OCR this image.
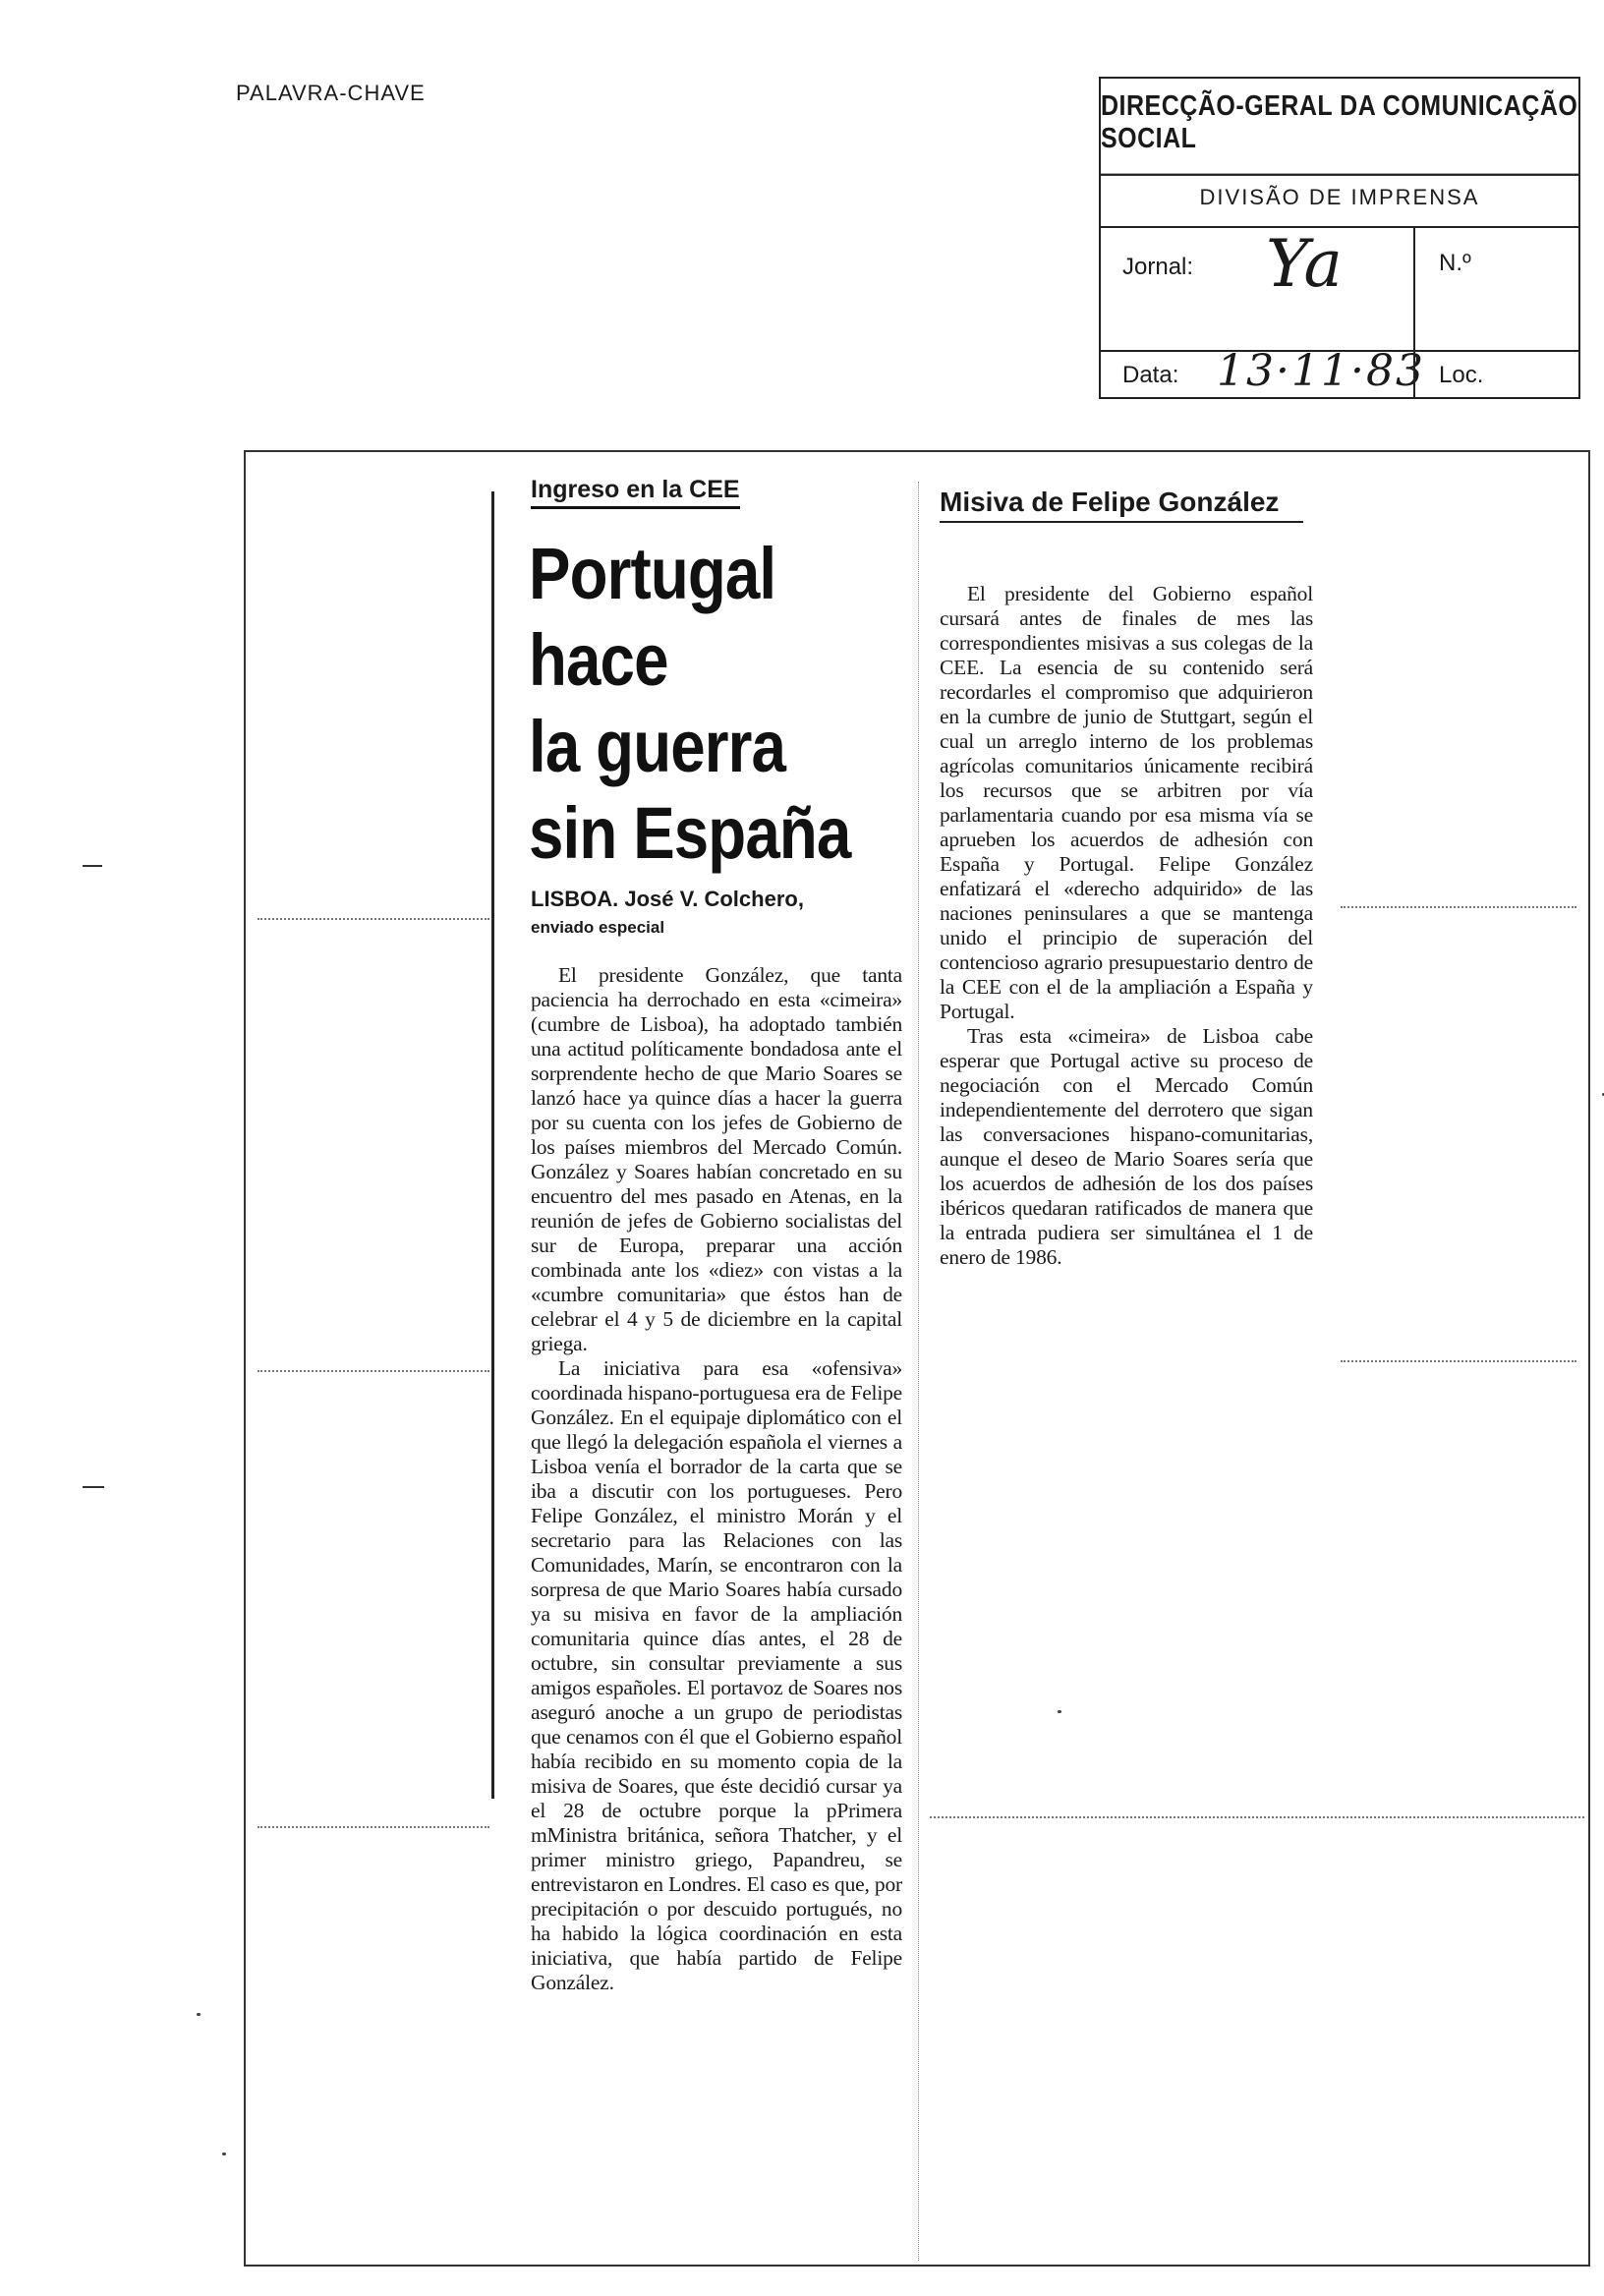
PALAVRA-CHAVE	DIRECÇÃO-GERAL DA COMUNICAÇÃO SOCIAL
DIVISÃO DE IMPRENSA
Jornal: Ya	N.º
Data: 13·11·83 Loc.
Ingreso en la CEE
Portugal
hace
la guerra
sin España
LISBOA. José V. Colchero,
enviado especial

El presidente González, que tanta paciencia ha derrochado en esta «cimeira» (cumbre de Lisboa), ha adoptado también una actitud políticamente bondadosa ante el sorprendente hecho de que Mario Soares se lanzó hace ya quince días a hacer la guerra por su cuenta con los jefes de Gobierno de los países miembros del Mercado Común. González y Soares habían concretado en su encuentro del mes pasado en Atenas, en la reunión de jefes de Gobierno socialistas del sur de Europa, preparar una acción combinada ante los «diez» con vistas a la «cumbre comunitaria» que éstos han de celebrar el 4 y 5 de diciembre en la capital griega.

La iniciativa para esa «ofensiva» coordinada hispano-portuguesa era de Felipe González. En el equipaje diplomático con el que llegó la delegación española el viernes a Lisboa venía el borrador de la carta que se iba a discutir con los portugueses. Pero Felipe González, el ministro Morán y el secretario para las Relaciones con las Comunidades, Marín, se encontraron con la sorpresa de que Mario Soares había cursado ya su misiva en favor de la ampliación comunitaria quince días antes, el 28 de octubre, sin consultar previamente a sus amigos españoles. El portavoz de Soares nos aseguró anoche a un grupo de periodistas que cenamos con él que el Gobierno español había recibido en su momento copia de la misiva de Soares, que éste decidió cursar ya el 28 de octubre porque la pPrimera mMinistra británica, señora Thatcher, y el primer ministro griego, Papandreu, se entrevistaron en Londres. El caso es que, por precipitación o por descuido portugués, no ha habido la lógica coordinación en esta iniciativa, que había partido de Felipe González.

Misiva de Felipe González

El presidente del Gobierno español cursará antes de finales de mes las correspondientes misivas a sus colegas de la CEE. La esencia de su contenido será recordarles el compromiso que adquirieron en la cumbre de junio de Stuttgart, según el cual un arreglo interno de los problemas agrícolas comunitarios únicamente recibirá los recursos que se arbitren por vía parlamentaria cuando por esa misma vía se aprueben los acuerdos de adhesión con España y Portugal. Felipe González enfatizará el «derecho adquirido» de las naciones peninsulares a que se mantenga unido el principio de superación del contencioso agrario presupuestario dentro de la CEE con el de la ampliación a España y Portugal.

Tras esta «cimeira» de Lisboa cabe esperar que Portugal active su proceso de negociación con el Mercado Común independientemente del derrotero que sigan las conversaciones hispano-comunitarias, aunque el deseo de Mario Soares sería que los acuerdos de adhesión de los dos países ibéricos quedaran ratificados de manera que la entrada pudiera ser simultánea el 1 de enero de 1986.
